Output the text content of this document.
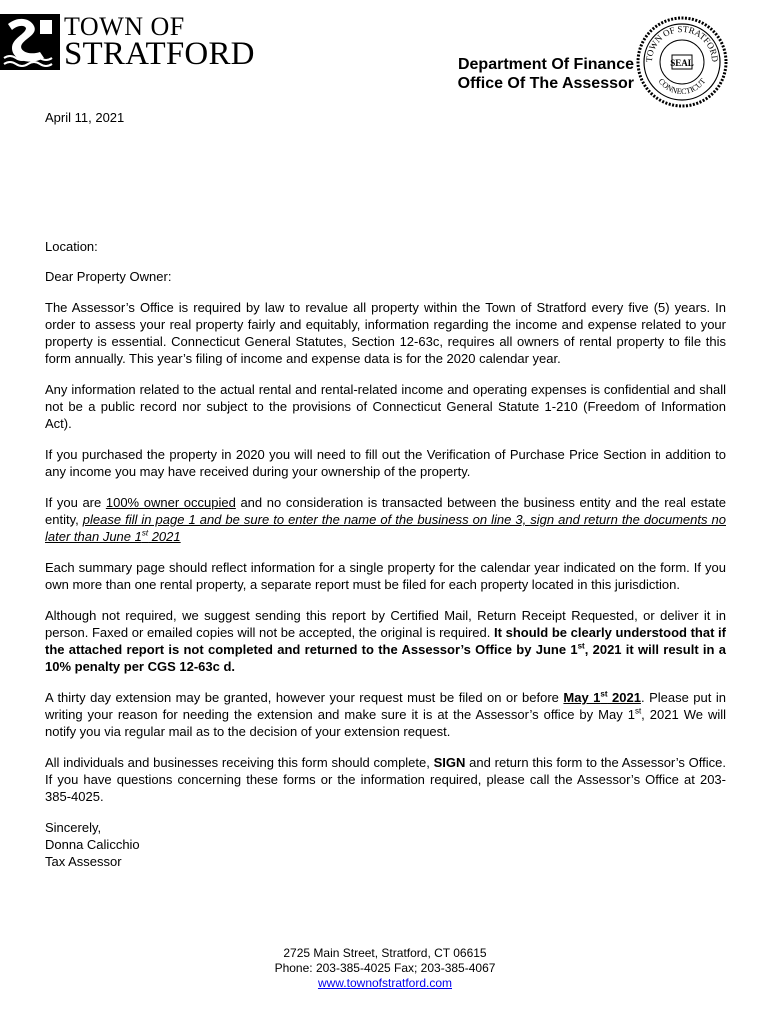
TOWN OF
STRATFORD	Department Of Finance
Office Of The Assessor
TOWN OF STRATFORD
CONNECTICUT
SEAL
April 11, 2021

Location:

Dear Property Owner:

The Assessor’s Office is required by law to revalue all property within the Town of Stratford every five (5) years. In order to assess your real property fairly and equitably, information regarding the income and expense related to your property is essential. Connecticut General Statutes, Section 12-63c, requires all owners of rental property to file this form annually. This year’s filing of income and expense data is for the 2020 calendar year.

Any information related to the actual rental and rental-related income and operating expenses is confidential and shall not be a public record nor subject to the provisions of Connecticut General Statute 1-210 (Freedom of Information Act).

If you purchased the property in 2020 you will need to fill out the Verification of Purchase Price Section in addition to any income you may have received during your ownership of the property.

If you are 100% owner occupied and no consideration is transacted between the business entity and the real estate entity, please fill in page 1 and be sure to enter the name of the business on line 3, sign and return the documents no later than June 1st 2021

Each summary page should reflect information for a single property for the calendar year indicated on the form. If you own more than one rental property, a separate report must be filed for each property located in this jurisdiction.

Although not required, we suggest sending this report by Certified Mail, Return Receipt Requested, or deliver it in person. Faxed or emailed copies will not be accepted, the original is required. It should be clearly understood that if the attached report is not completed and returned to the Assessor’s Office by June 1st, 2021 it will result in a 10% penalty per CGS 12-63c d.

A thirty day extension may be granted, however your request must be filed on or before May 1st 2021. Please put in writing your reason for needing the extension and make sure it is at the Assessor’s office by May 1st, 2021 We will notify you via regular mail as to the decision of your extension request.

All individuals and businesses receiving this form should complete, SIGN and return this form to the Assessor’s Office. If you have questions concerning these forms or the information required, please call the Assessor’s Office at 203-385-4025.

Sincerely,
Donna Calicchio
Tax Assessor
2725 Main Street, Stratford, CT 06615
Phone: 203-385-4025 Fax; 203-385-4067
www.townofstratford.com
